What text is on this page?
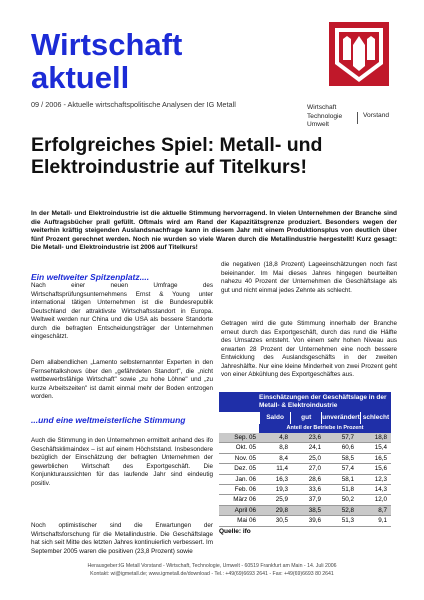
Wirtschaft
aktuell
09 / 2006 - Aktuelle wirtschaftspolitische Analysen der IG Metall	Wirtschaft Technologie Umwelt
Vorstand
Erfolgreiches Spiel: Metall- und Elektroindustrie auf Titelkurs!
In der Metall- und Elektroindustrie ist die aktuelle Stimmung hervorragend. In vielen Unternehmen der Branche sind die Auftragsbücher prall gefüllt. Oftmals wird am Rand der Kapazitätsgrenze produziert. Besonders wegen der weiterhin kräftig steigenden Auslandsnachfrage kann in diesem Jahr mit einem Produktionsplus von deutlich über fünf Prozent gerechnet werden. Noch nie wurden so viele Waren durch die Metallindustrie hergestellt! Kurz gesagt: Die Metall- und Elektroindustrie ist 2006 auf Titelkurs!
Ein weltweiter Spitzenplatz....
Nach einer neuen Umfrage des Wirtschaftsprüfungsunternehmens Ernst & Young unter international tätigen Unternehmen ist die Bundesrepublik Deutschland der attraktivste Wirtschaftsstandort in Europa. Weltweit werden nur China und die USA als bessere Standorte durch die befragten Entscheidungsträger der Unternehmen eingeschätzt.
Dem allabendlichen „Lamento selbsternannter Experten in den Fernsehtalkshows über den „gefährdeten Standort", die „nicht wettbewerbsfähige Wirtschaft" sowie „zu hohe Löhne" und „zu kurze Arbeitszeiten" ist damit einmal mehr der Boden entzogen worden.
...und eine weltmeisterliche Stimmung
Auch die Stimmung in den Unternehmen ermittelt anhand des ifo Geschäftsklimaindex – ist auf einem Höchststand. Insbesondere bezüglich der Einschätzung der befragten Unternehmen der gewerblichen Wirtschaft des Exportgeschäft. Die Konjunkturaussichten für das laufende Jahr sind eindeutig positiv.
Noch optimistischer sind die Erwartungen der Wirtschaftsforschung für die Metallindustrie. Die Geschäftslage hat sich seit Mitte des letzten Jahres kontinuierlich verbessert. Im September 2005 waren die positiven (23,8 Prozent) sowie
die negativen (18,8 Prozent) Lageeinschätzungen noch fast beieinander. Im Mai dieses Jahres hingegen beurteilten nahezu 40 Prozent der Unternehmen die Geschäftslage als gut und nicht einmal jedes Zehnte als schlecht.
Getragen wird die gute Stimmung innerhalb der Branche erneut durch das Exportgeschäft, durch das rund die Hälfte des Umsatzes entsteht. Von einem sehr hohen Niveau aus erwarten 28 Prozent der Unternehmen eine noch bessere Entwicklung des Auslandsgeschäfts in der zweiten Jahreshälfte. Nur eine kleine Minderheit von zwei Prozent geht von einer Abkühlung des Exportgeschäftes aus.
Einschätzungen der Geschäftslage in der Metall- & Elektroindustrie
Saldo	gut	unverändert schlecht
Anteil der Betriebe in Prozent
Sep. 05	4,8	23,6	57,7	18,8
Okt. 05	8,8	24,1	60,6	15,4
Nov. 05	8,4	25,0	58,5	16,5
Dez. 05	11,4	27,0	57,4	15,6
Jan. 06	16,3	28,6	58,1	12,3
Feb. 06	19,3	33,6	51,8	14,3
März 06	25,9	37,9	50,2	12,0
April 06	29,8	38,5	52,8	8,7
Mai 06	30,5	39,6	51,3	9,1
Quelle: ifo
Herausgeber:IG Metall Vorstand - Wirtschaft, Technologie, Umwelt - 60519 Frankfurt am Main - 14. Juli 2006
Kontakt: wi@igmetall.de; www.igmetall.de/download - Tel.: +49(69)6693 2641 - Fax: +49(69)6693 80 2641
